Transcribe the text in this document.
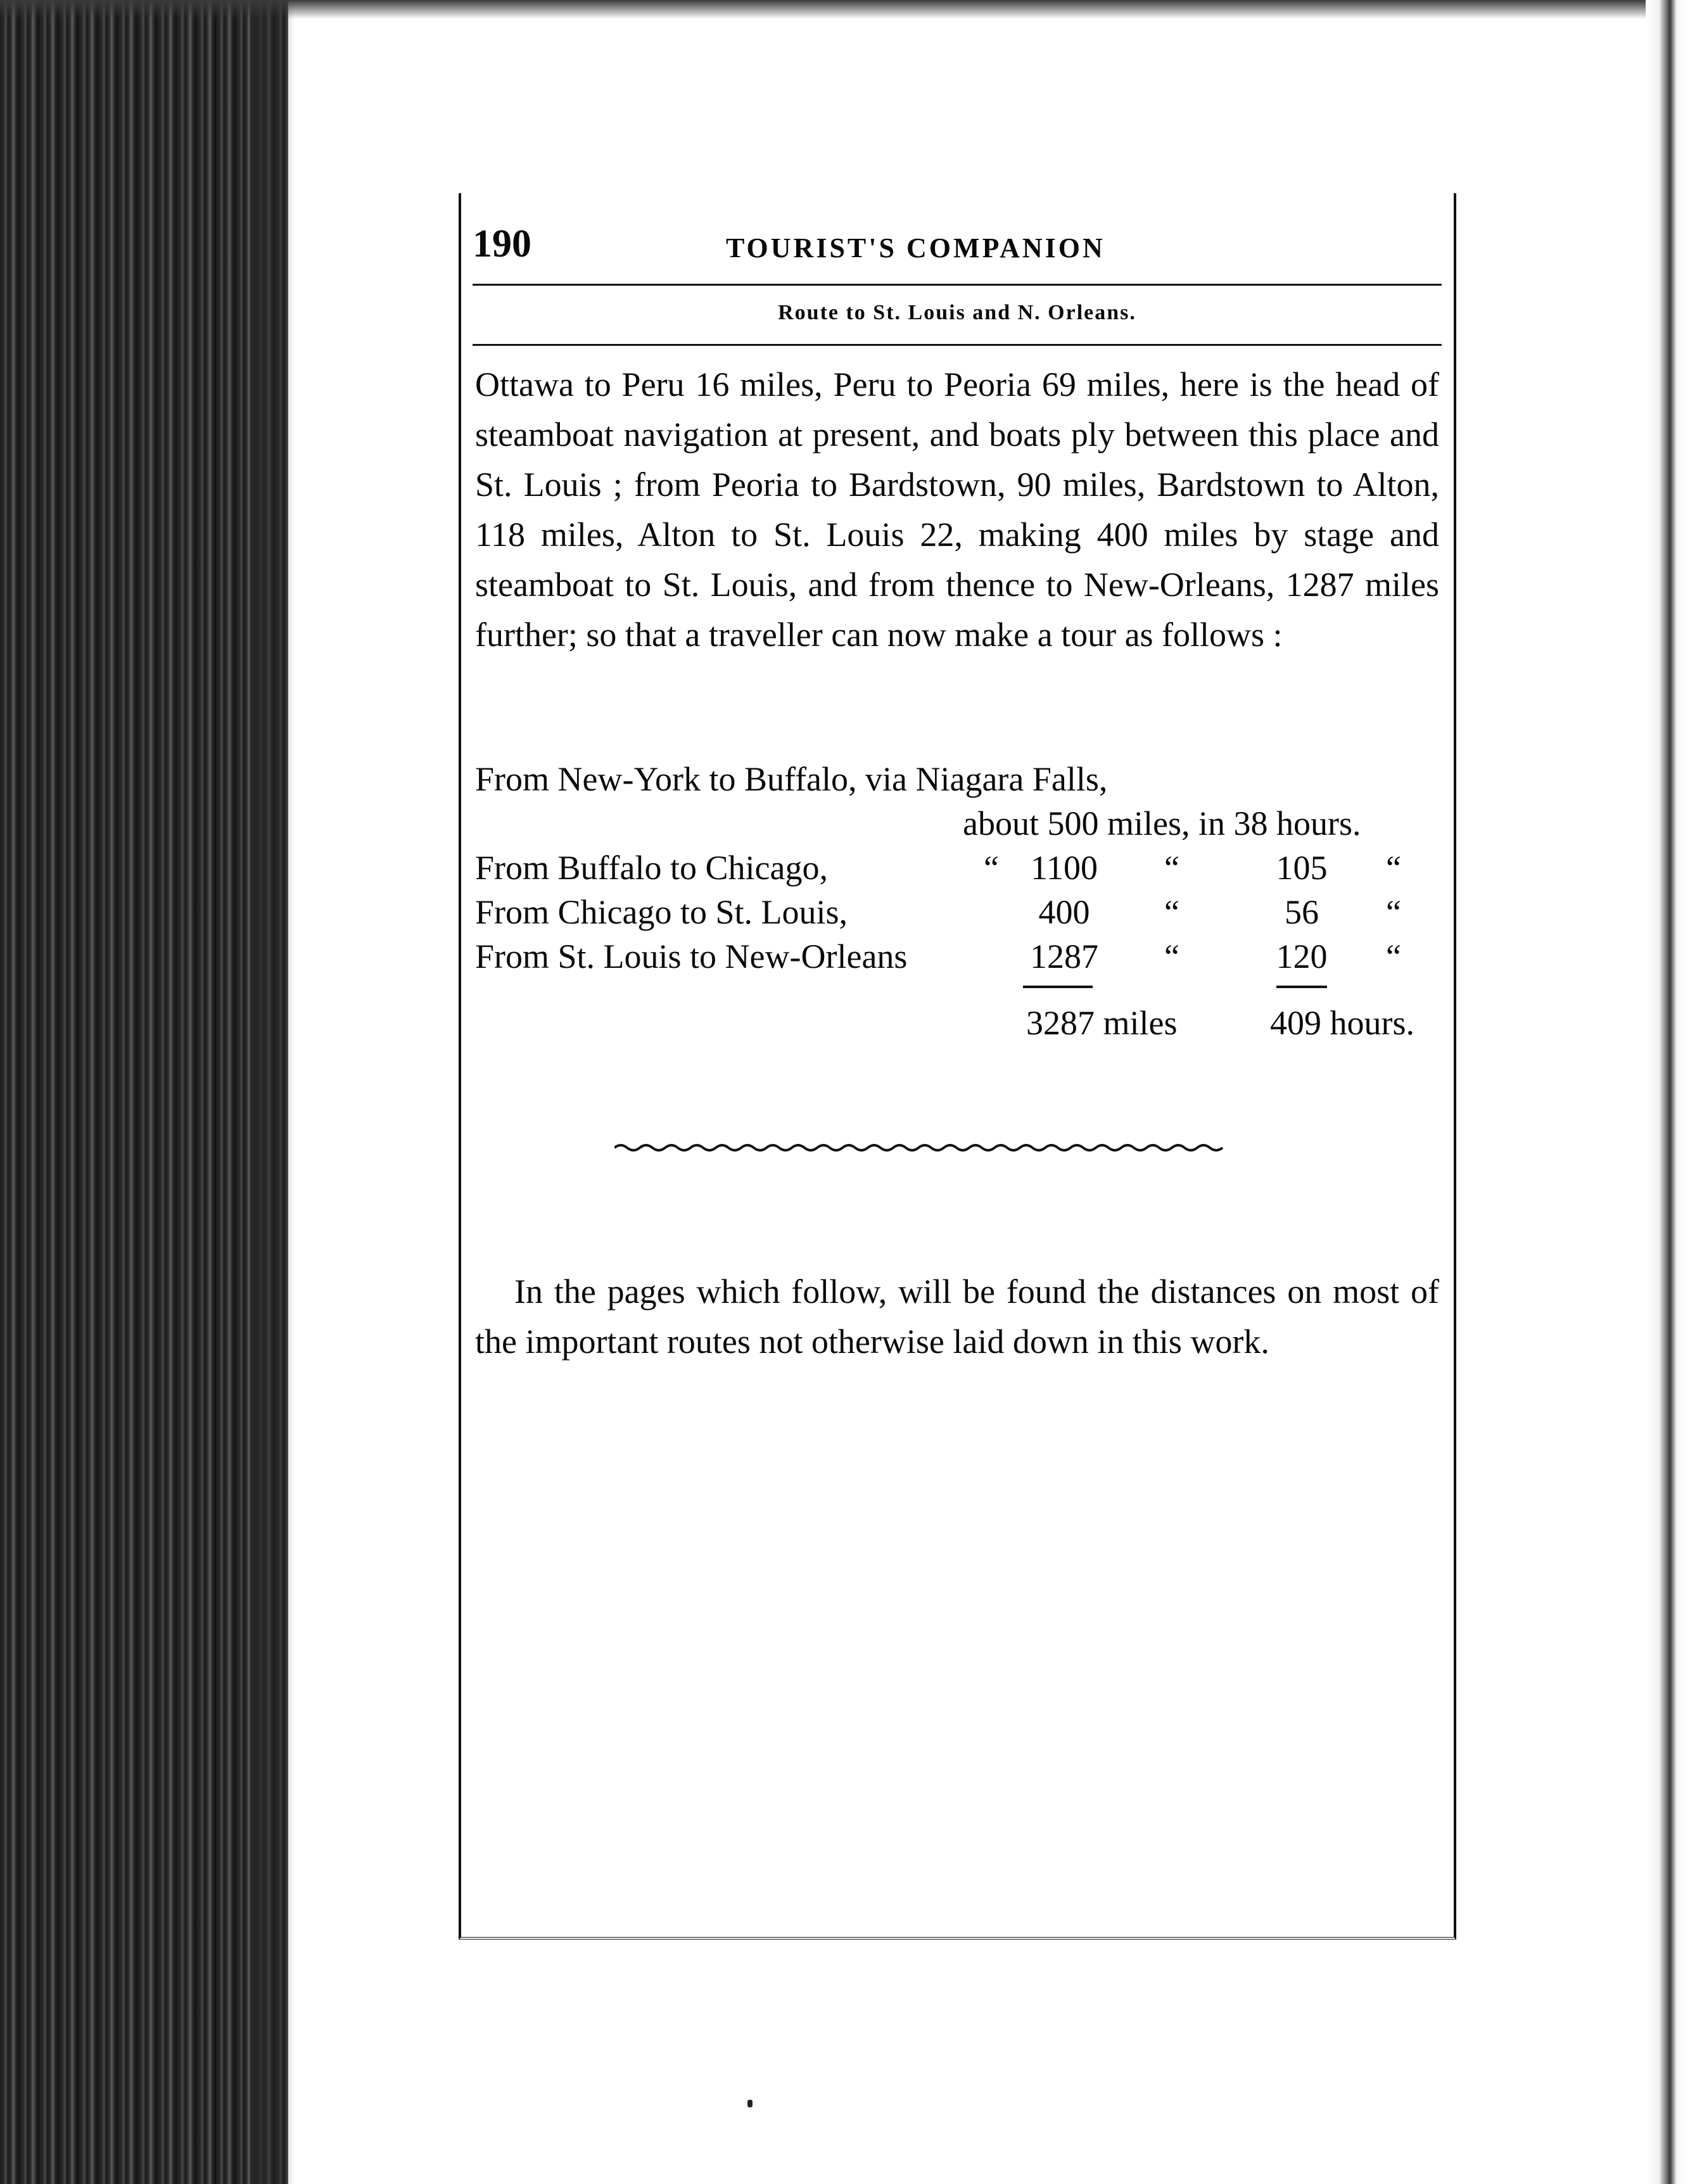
190	TOURIST'S COMPANION
Route to St. Louis and N. Orleans.
Ottawa to Peru 16 miles, Peru to Peoria 69 miles, here is the head of steamboat navigation at present, and boats ply between this place and St. Louis ; from Peoria to Bardstown, 90 miles, Bardstown to Alton, 118 miles, Alton to St. Louis 22, making 400 miles by stage and steamboat to St. Louis, and from thence to New-Orleans, 1287 miles further; so that a traveller can now make a tour as follows :
From New-York to Buffalo, via Niagara Falls,
about 500 miles, in 38 hours.
From Buffalo to Chicago,	“ 1100	“	105	“
From Chicago to St. Louis,	400	“	56	“
From St. Louis to New-Orleans	1287	“	120	“
3287 miles	409 hours.
In the pages which follow, will be found the distances on most of the important routes not otherwise laid down in this work.
